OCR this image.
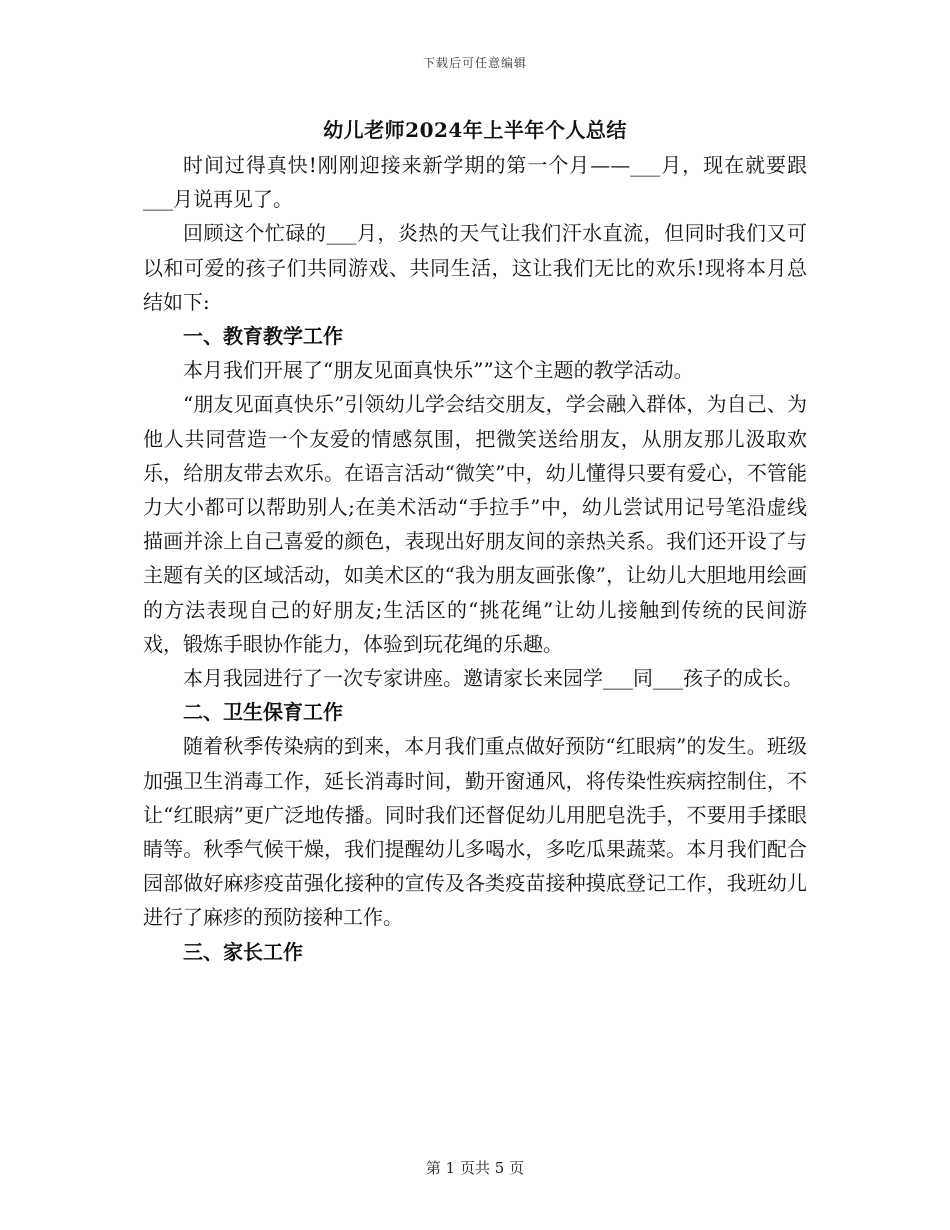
下载后可任意编辑
幼儿老师2024年上半年个人总结

时间过得真快!刚刚迎接来新学期的第一个月——___月，现在就要跟___月说再见了。

回顾这个忙碌的___月，炎热的天气让我们汗水直流，但同时我们又可以和可爱的孩子们共同游戏、共同生活，这让我们无比的欢乐!现将本月总结如下:

一、教育教学工作

本月我们开展了“朋友见面真快乐””这个主题的教学活动。

“朋友见面真快乐”引领幼儿学会结交朋友，学会融入群体，为自己、为他人共同营造一个友爱的情感氛围，把微笑送给朋友，从朋友那儿汲取欢乐，给朋友带去欢乐。在语言活动“微笑”中，幼儿懂得只要有爱心，不管能力大小都可以帮助别人;在美术活动“手拉手”中，幼儿尝试用记号笔沿虚线描画并涂上自己喜爱的颜色，表现出好朋友间的亲热关系。我们还开设了与主题有关的区域活动，如美术区的“我为朋友画张像”，让幼儿大胆地用绘画的方法表现自己的好朋友;生活区的“挑花绳”让幼儿接触到传统的民间游戏，锻炼手眼协作能力，体验到玩花绳的乐趣。

本月我园进行了一次专家讲座。邀请家长来园学___同___孩子的成长。

二、卫生保育工作

随着秋季传染病的到来，本月我们重点做好预防“红眼病”的发生。班级加强卫生消毒工作，延长消毒时间，勤开窗通风，将传染性疾病控制住，不让“红眼病”更广泛地传播。同时我们还督促幼儿用肥皂洗手，不要用手揉眼睛等。秋季气候干燥，我们提醒幼儿多喝水，多吃瓜果蔬菜。本月我们配合园部做好麻疹疫苗强化接种的宣传及各类疫苗接种摸底登记工作，我班幼儿进行了麻疹的预防接种工作。

三、家长工作

第 1 页共 5 页
